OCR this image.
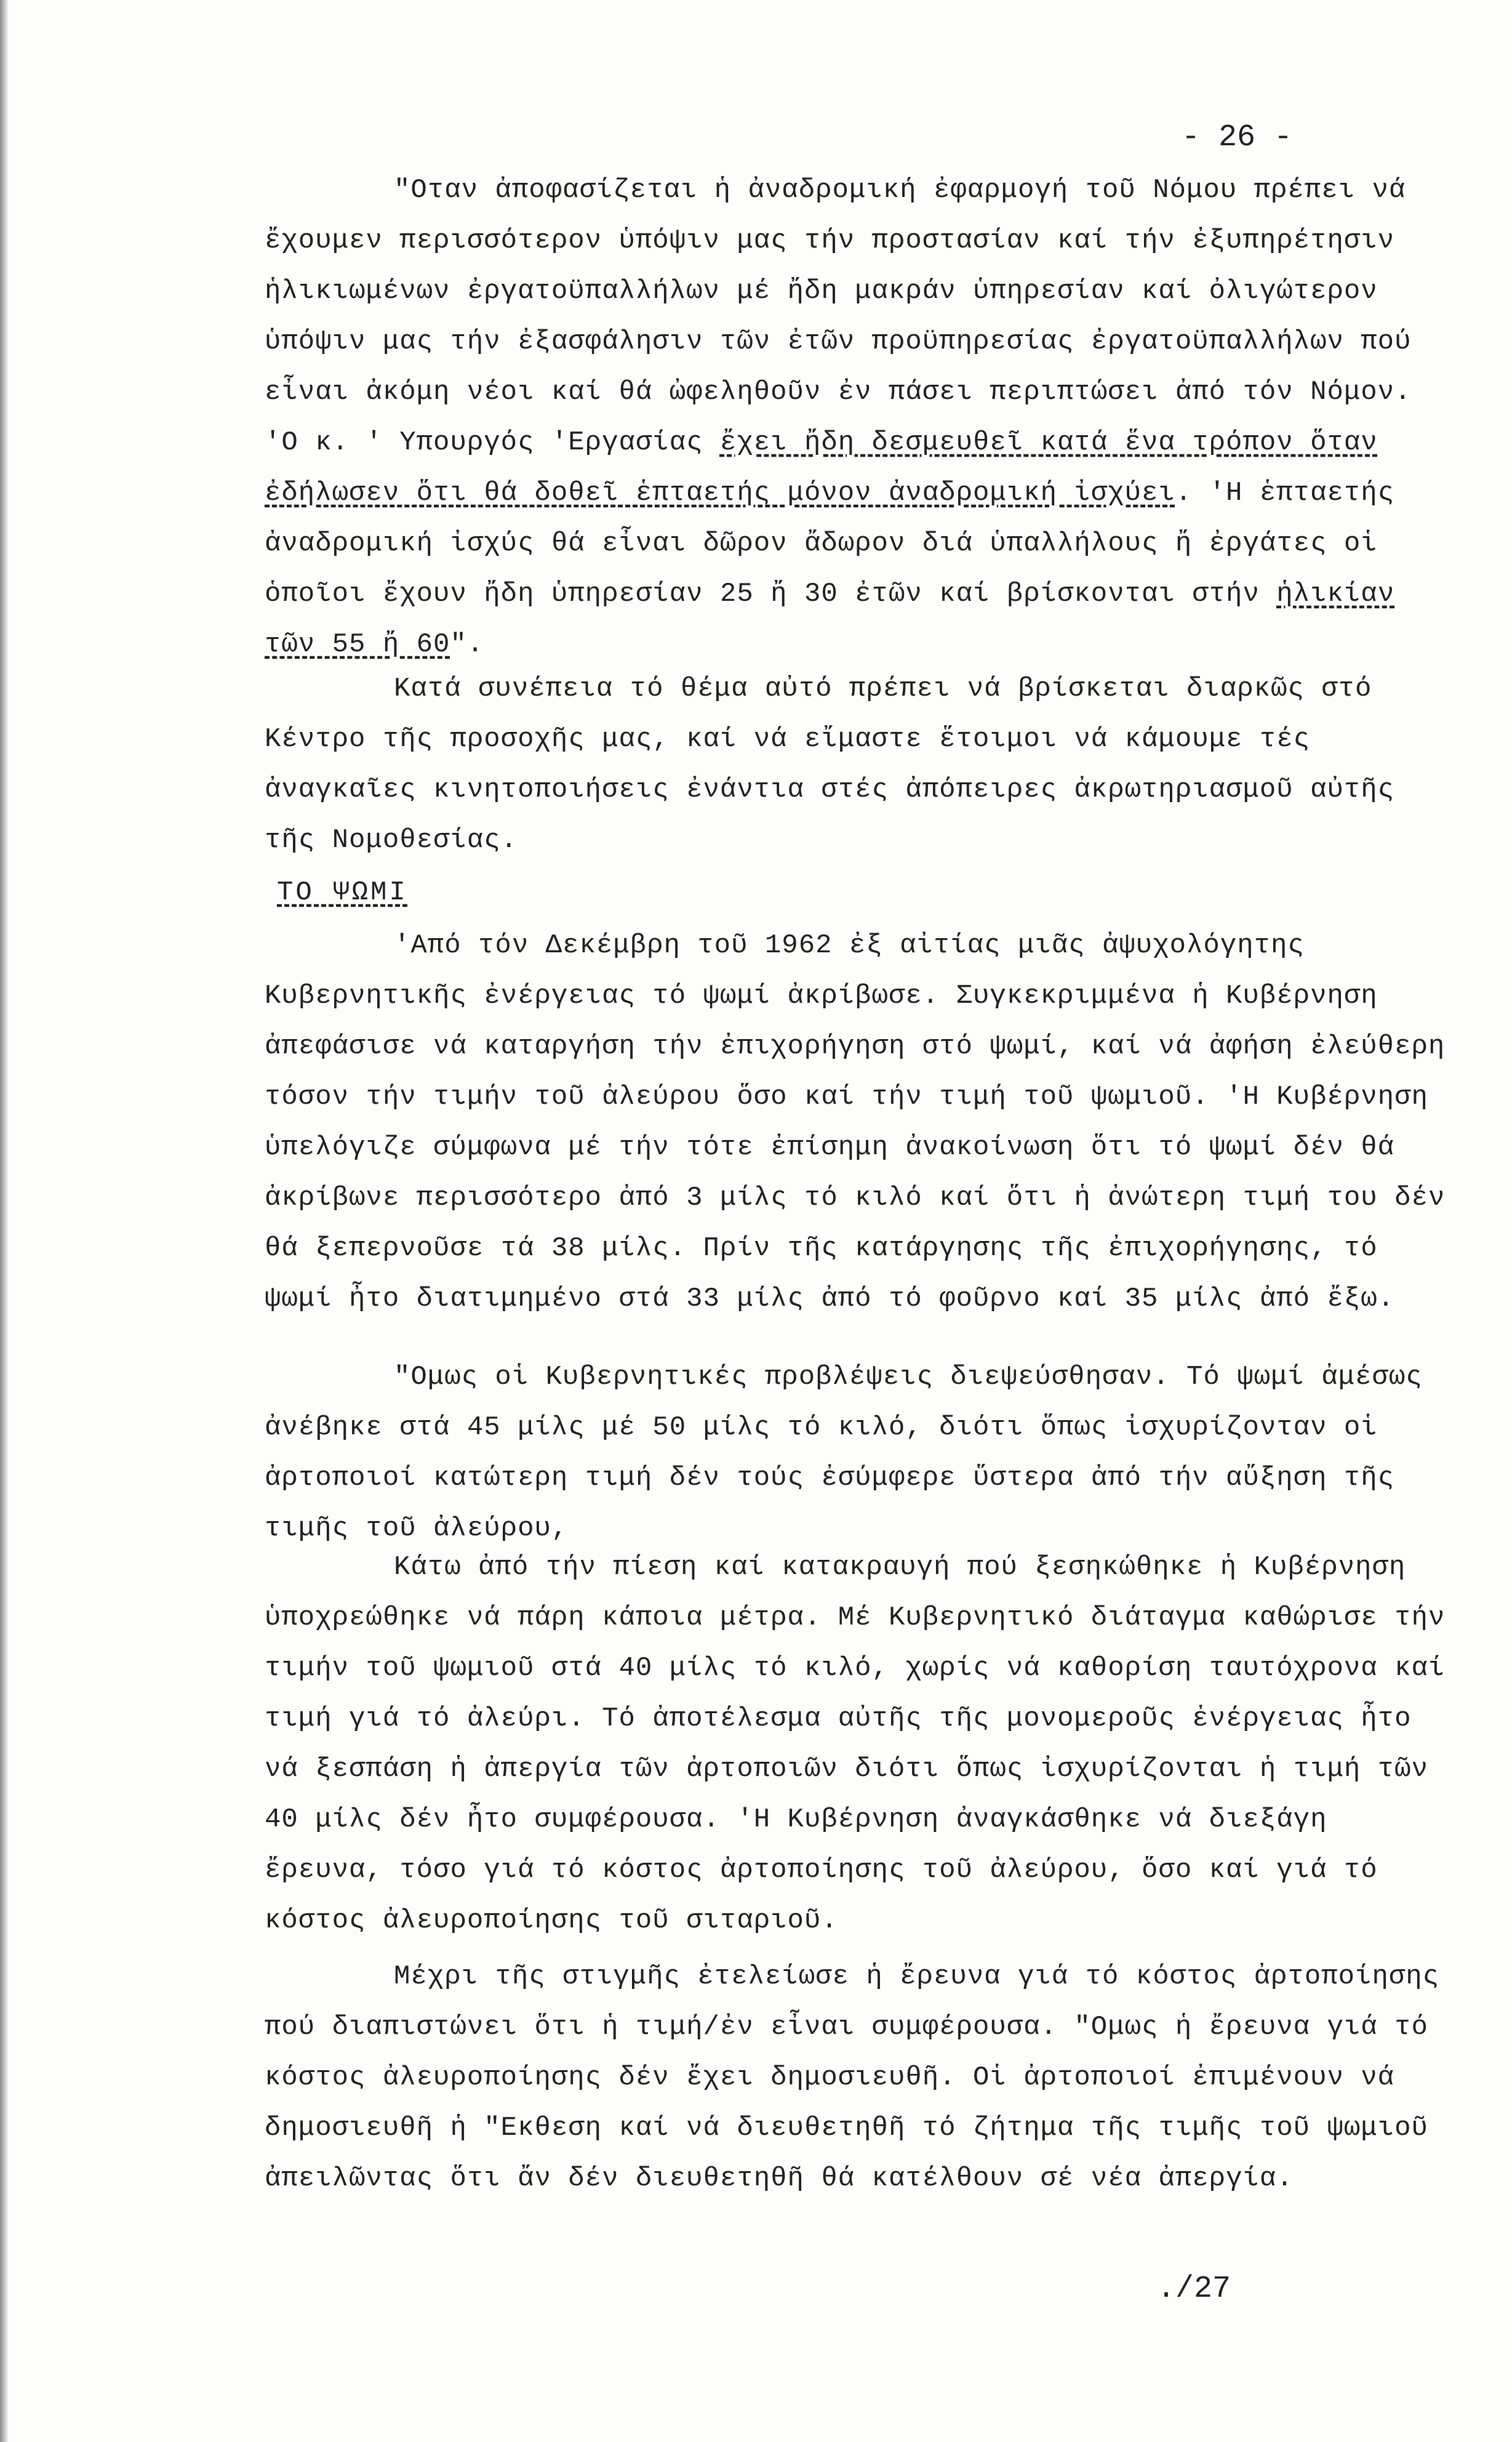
- 26 -

"Οταν ἀποφασίζεται ἡ ἀναδρομική ἐφαρμογή τοῦ Νόμου πρέπει νά ἔχουμεν περισσότερον ὑπόψιν μας τήν προστασίαν καί τήν ἐξυπηρέτησιν ἡλικιωμένων ἐργατοϋπαλλήλων μέ ἤδη μακράν ὑπηρεσίαν καί ὀλιγώτερον ὑπόψιν μας τήν ἐξασφάλησιν τῶν ἐτῶν προϋπηρεσίας ἐργατοϋπαλλήλων πού εἶναι ἀκόμη νέοι καί θά ὠφεληθοῦν ἐν πάσει περιπτώσει ἀπό τόν Νόμον. 'Ο κ. ' Υπουργός 'Εργασίας ἔχει ἤδη δεσμευθεῖ κατά ἕνα τρόπον ὅταν ἐδήλωσεν ὅτι θά δοθεῖ ἑπταετής μόνον ἀναδρομική ἰσχύει. 'Η ἑπταετής ἀναδρομική ἰσχύς θά εἶναι δῶρον ἄδωρον διά ὑπαλλήλους ἤ ἐργάτες οἱ ὁποῖοι ἔχουν ἤδη ὑπηρεσίαν 25 ἤ 30 ἐτῶν καί βρίσκονται στήν ἡλικίαν τῶν 55 ἤ 60".

Κατά συνέπεια τό θέμα αὐτό πρέπει νά βρίσκεται διαρκῶς στό Κέντρο τῆς προσοχῆς μας, καί νά εἴμαστε ἕτοιμοι νά κάμουμε τές ἀναγκαῖες κινητοποιήσεις ἐνάντια στές ἀπόπειρες ἀκρωτηριασμοῦ αὐτῆς τῆς Νομοθεσίας.

ΤΟ ΨΩΜΙ

'Από τόν Δεκέμβρη τοῦ 1962 ἐξ αἰτίας μιᾶς ἀψυχολόγητης Κυβερνητικῆς ἐνέργειας τό ψωμί ἀκρίβωσε. Συγκεκριμμένα ἡ Κυβέρνηση ἀπεφάσισε νά καταργήση τήν ἐπιχορήγηση στό ψωμί, καί νά ἀφήση ἐλεύθερη τόσον τήν τιμήν τοῦ ἀλεύρου ὅσο καί τήν τιμή τοῦ ψωμιοῦ. 'Η Κυβέρνηση ὑπελόγιζε σύμφωνα μέ τήν τότε ἐπίσημη ἀνακοίνωση ὅτι τό ψωμί δέν θά ἀκρίβωνε περισσότερο ἀπό 3 μίλς τό κιλό καί ὅτι ἡ ἀνώτερη τιμή του δέν θά ξεπερνοῦσε τά 38 μίλς. Πρίν τῆς κατάργησης τῆς ἐπιχορήγησης, τό ψωμί ἦτο διατιμημένο στά 33 μίλς ἀπό τό φοῦρνο καί 35 μίλς ἀπό ἔξω.

"Ομως οἱ Κυβερνητικές προβλέψεις διεψεύσθησαν. Τό ψωμί ἀμέσως ἀνέβηκε στά 45 μίλς μέ 50 μίλς τό κιλό, διότι ὅπως ἰσχυρίζονταν οἱ ἀρτοποιοί κατώτερη τιμή δέν τούς ἐσύμφερε ὕστερα ἀπό τήν αὔξηση τῆς τιμῆς τοῦ ἀλεύρου,

Κάτω ἀπό τήν πίεση καί κατακραυγή πού ξεσηκώθηκε ἡ Κυβέρνηση ὑποχρεώθηκε νά πάρη κάποια μέτρα. Μέ Κυβερνητικό διάταγμα καθώρισε τήν τιμήν τοῦ ψωμιοῦ στά 40 μίλς τό κιλό, χωρίς νά καθορίση ταυτόχρονα καί τιμή γιά τό ἀλεύρι. Τό ἀποτέλεσμα αὐτῆς τῆς μονομεροῦς ἐνέργειας ἦτο νά ξεσπάση ἡ ἀπεργία τῶν ἀρτοποιῶν διότι ὅπως ἰσχυρίζονται ἡ τιμή τῶν 40 μίλς δέν ἦτο συμφέρουσα. 'Η Κυβέρνηση ἀναγκάσθηκε νά διεξάγη ἔρευνα, τόσο γιά τό κόστος ἀρτοποίησης τοῦ ἀλεύρου, ὅσο καί γιά τό κόστος ἀλευροποίησης τοῦ σιταριοῦ.

Μέχρι τῆς στιγμῆς ἐτελείωσε ἡ ἔρευνα γιά τό κόστος ἀρτοποίησης πού διαπιστώνει ὅτι ἡ τιμή/ἐν εἶναι συμφέρουσα. "Ομως ἡ ἔρευνα γιά τό κόστος ἀλευροποίησης δέν ἔχει δημοσιευθῆ. Οἱ ἀρτοποιοί ἐπιμένουν νά δημοσιευθῆ ἡ "Εκθεση καί νά διευθετηθῆ τό ζήτημα τῆς τιμῆς τοῦ ψωμιοῦ ἀπειλῶντας ὅτι ἄν δέν διευθετηθῆ θά κατέλθουν σέ νέα ἀπεργία.

./27
